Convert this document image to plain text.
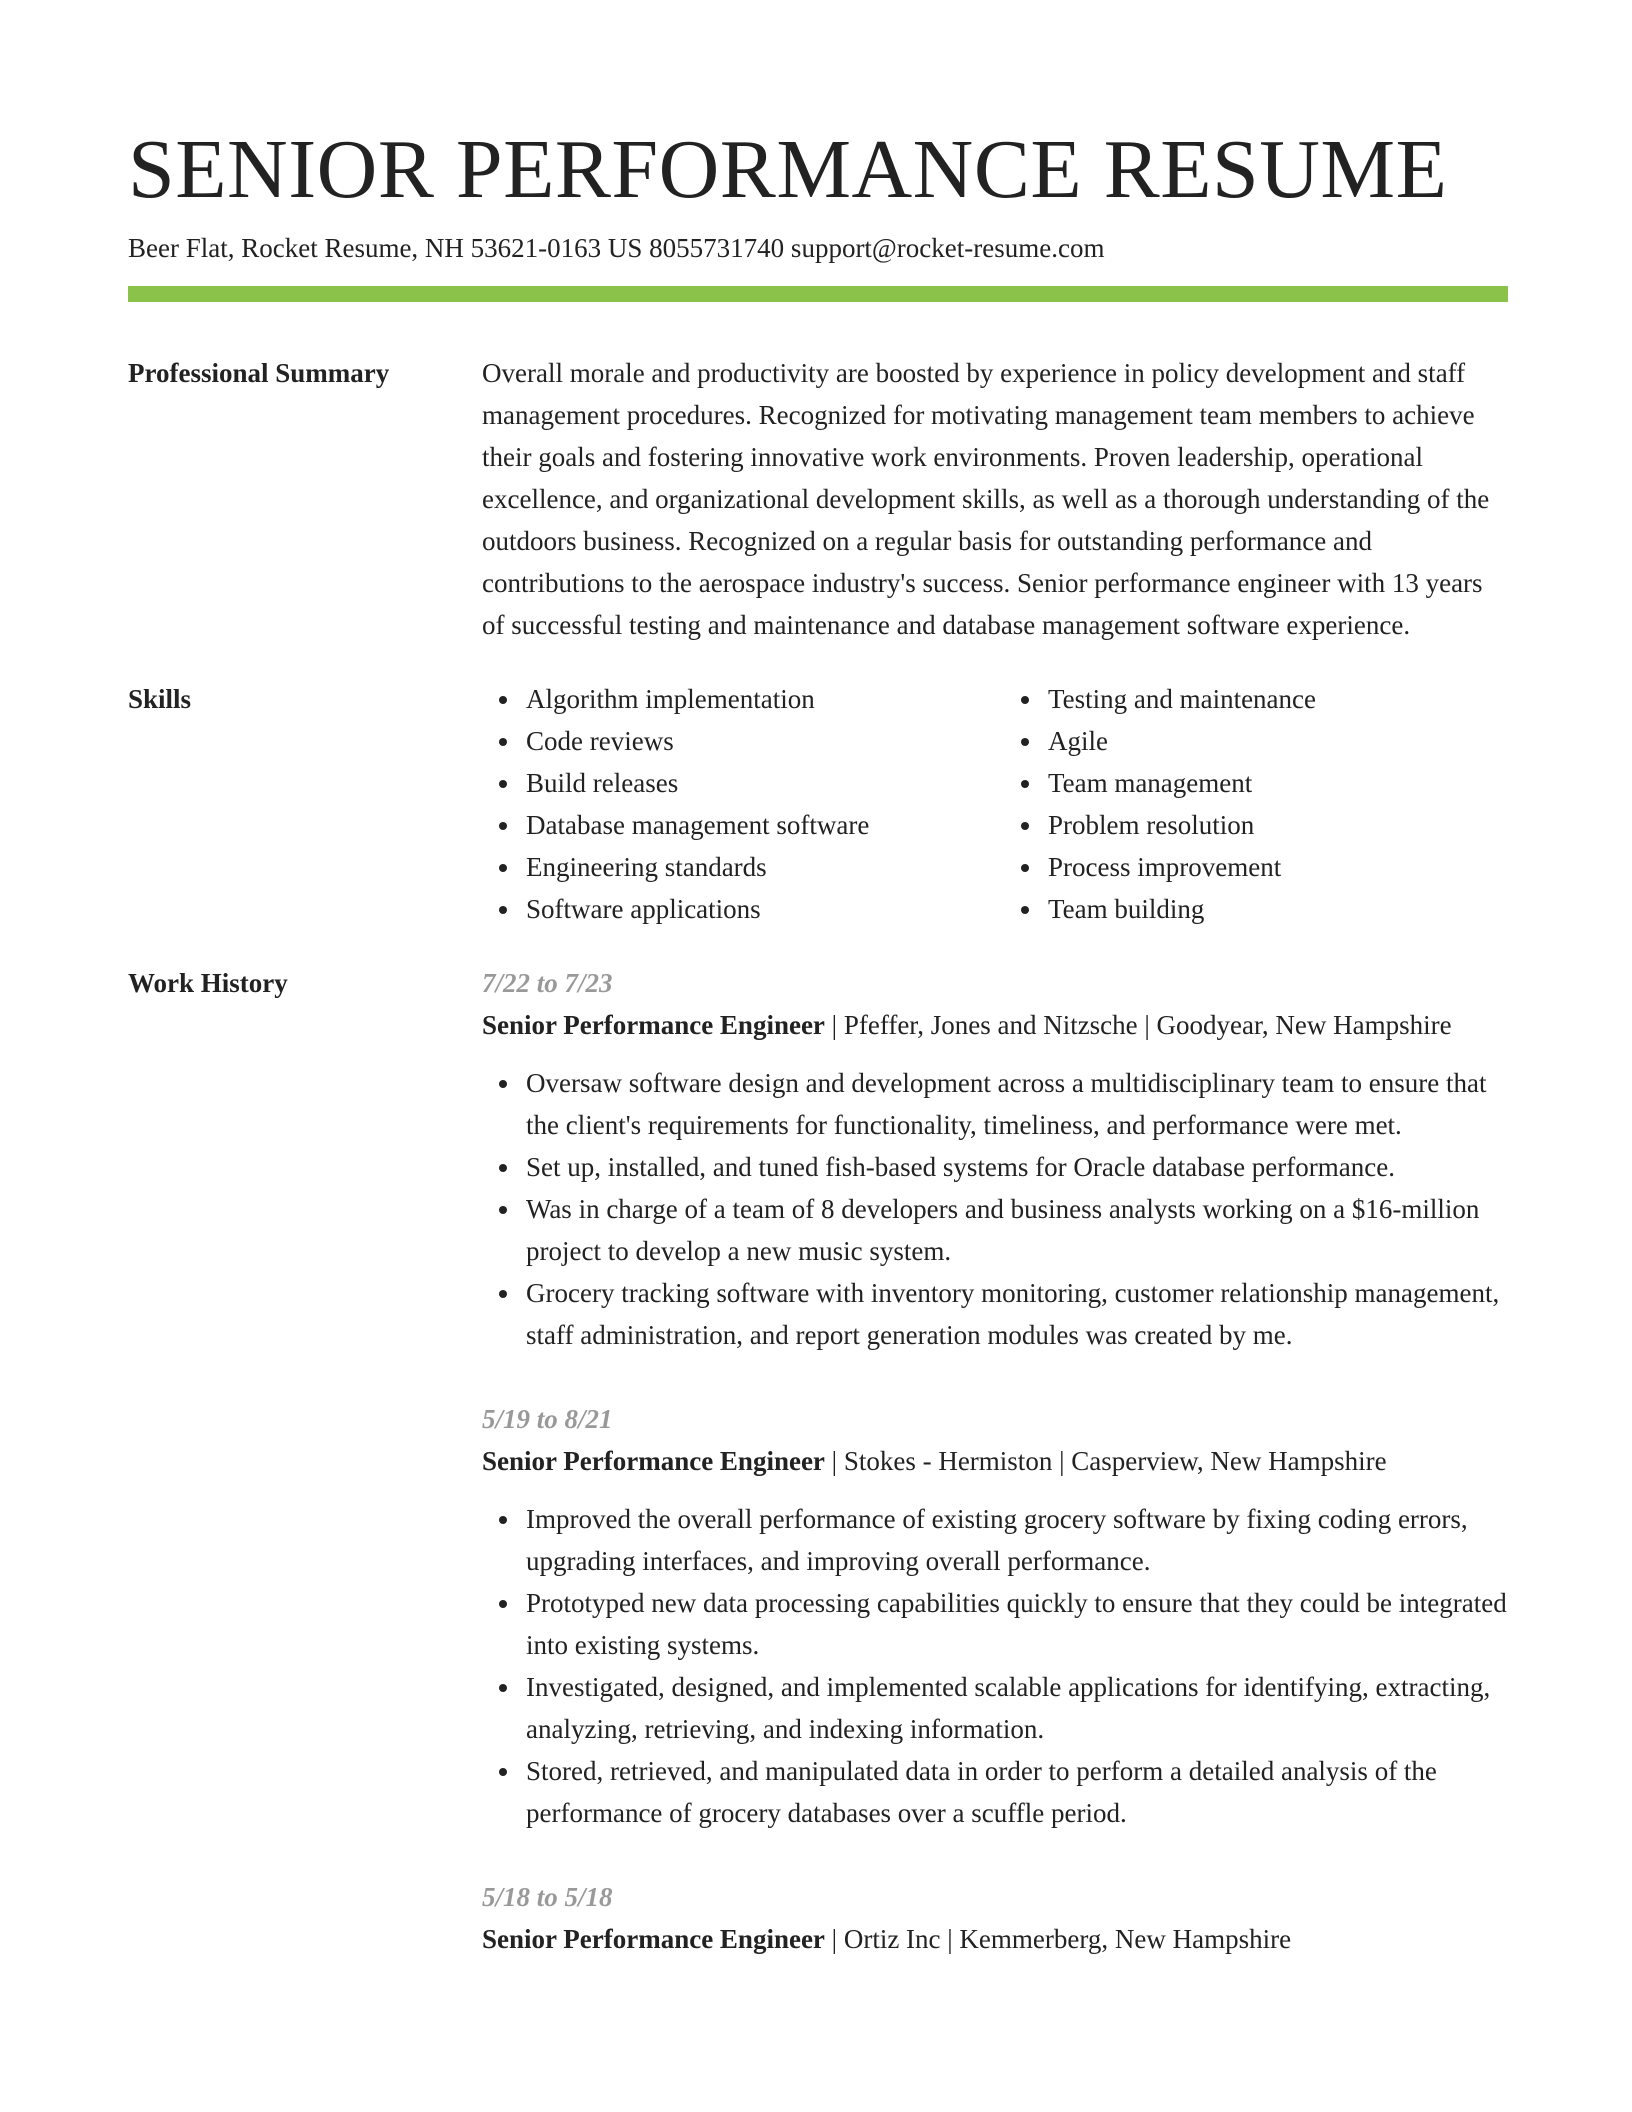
SENIOR PERFORMANCE RESUME
Beer Flat, Rocket Resume, NH 53621-0163 US 8055731740 support@rocket-resume.com
Professional Summary	Overall morale and productivity are boosted by experience in policy development and staff management procedures. Recognized for motivating management team members to achieve their goals and fostering innovative work environments. Proven leadership, operational excellence, and organizational development skills, as well as a thorough understanding of the outdoors business. Recognized on a regular basis for outstanding performance and contributions to the aerospace industry's success. Senior performance engineer with 13 years of successful testing and maintenance and database management software experience.

Skills	Algorithm implementation
Code reviews
Build releases
Database management software
Engineering standards
Software applications
Testing and maintenance
Agile
Team management
Problem resolution
Process improvement
Team building
Work History	7/22 to 7/23
Senior Performance Engineer | Pfeffer, Jones and Nitzsche | Goodyear, New Hampshire
Oversaw software design and development across a multidisciplinary team to ensure that the client's requirements for functionality, timeliness, and performance were met.
Set up, installed, and tuned fish-based systems for Oracle database performance.
Was in charge of a team of 8 developers and business analysts working on a $16-million project to develop a new music system.
Grocery tracking software with inventory monitoring, customer relationship management, staff administration, and report generation modules was created by me.
5/19 to 8/21
Senior Performance Engineer | Stokes - Hermiston | Casperview, New Hampshire
Improved the overall performance of existing grocery software by fixing coding errors, upgrading interfaces, and improving overall performance.
Prototyped new data processing capabilities quickly to ensure that they could be integrated into existing systems.
Investigated, designed, and implemented scalable applications for identifying, extracting, analyzing, retrieving, and indexing information.
Stored, retrieved, and manipulated data in order to perform a detailed analysis of the performance of grocery databases over a scuffle period.
5/18 to 5/18
Senior Performance Engineer | Ortiz Inc | Kemmerberg, New Hampshire
